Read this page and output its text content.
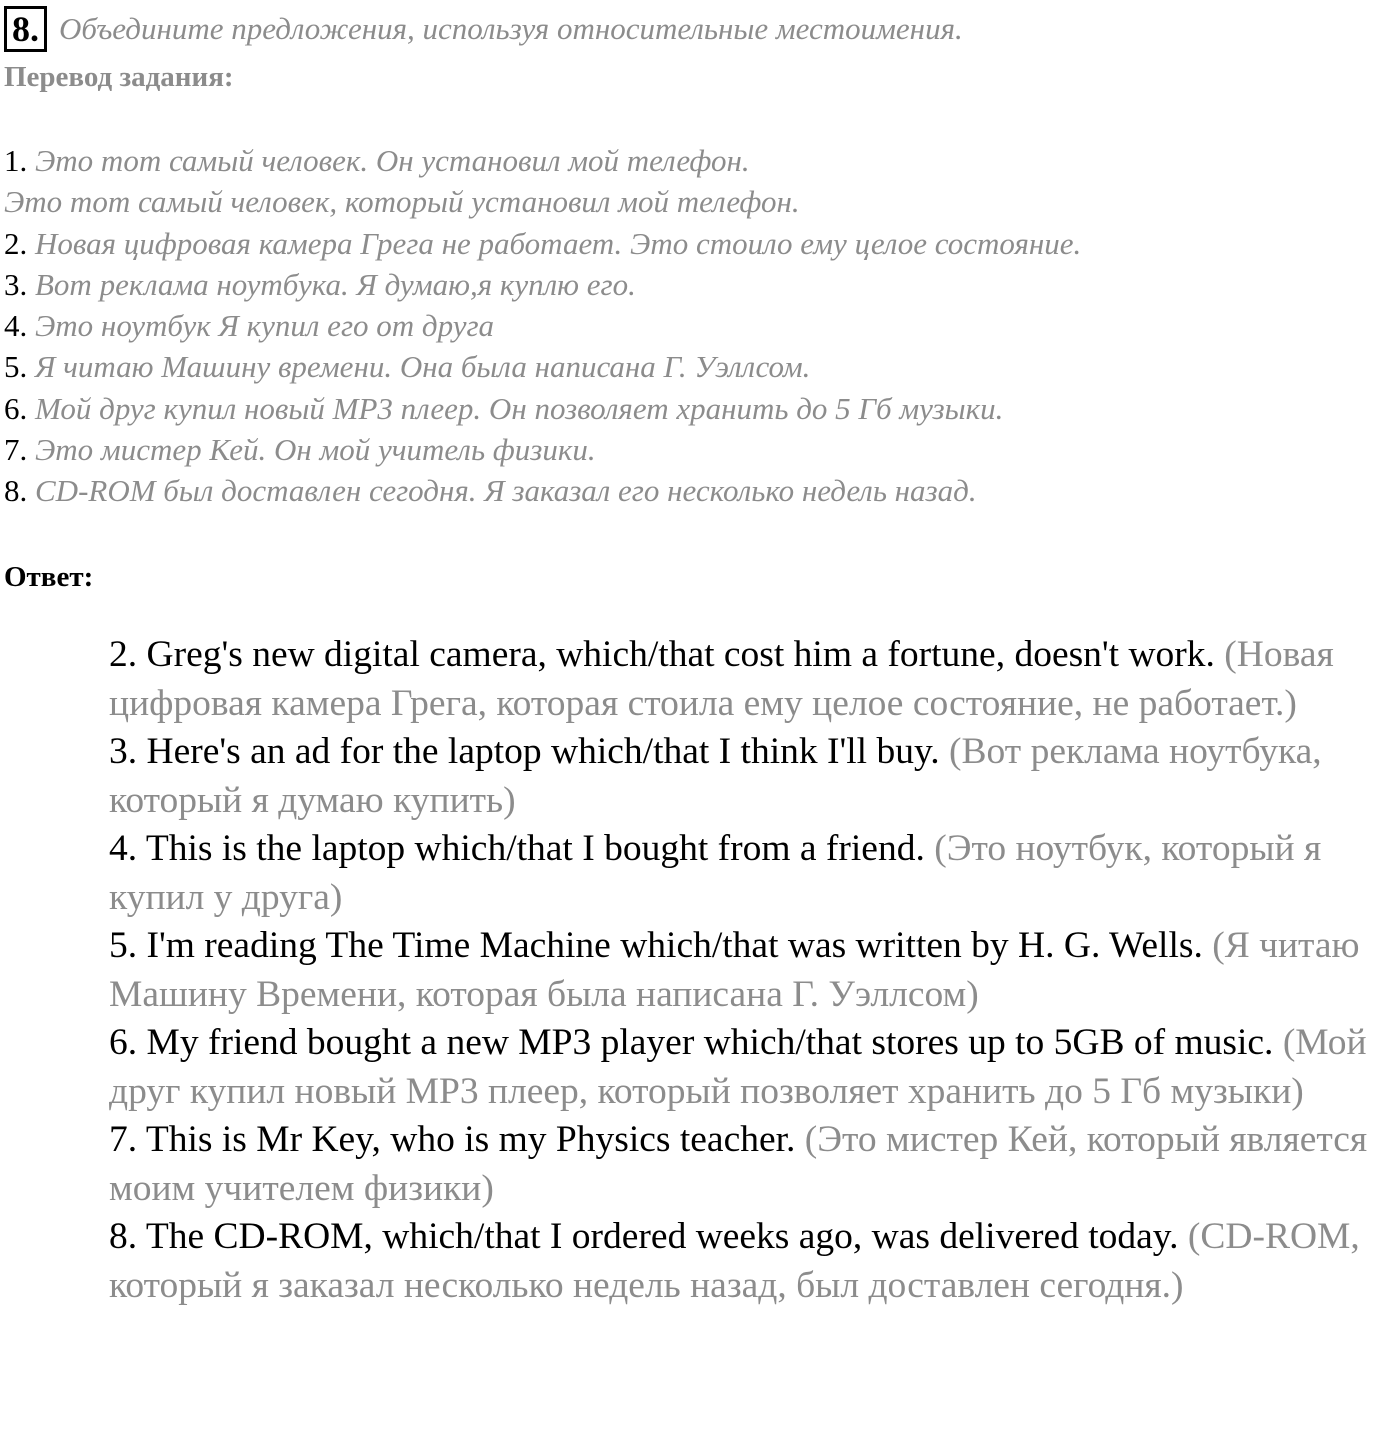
8. Объедините предложения, используя относительные местоимения.
Перевод задания:
1. Это тот самый человек. Он установил мой телефон.
Это тот самый человек, который установил мой телефон.
2. Новая цифровая камера Грега не работает. Это стоило ему целое состояние.
3. Вот реклама ноутбука. Я думаю,я куплю его.
4. Это ноутбук Я купил его от друга
5. Я читаю Машину времени. Она была написана Г. Уэллсом.
6. Мой друг купил новый MP3 плеер. Он позволяет хранить до 5 Гб музыки.
7. Это мистер Кей. Он мой учитель физики.
8. CD-ROM был доставлен сегодня. Я заказал его несколько недель назад.
Ответ:

2. Greg's new digital camera, which/that cost him a fortune, doesn't work. (Новая цифровая камера Грега, которая стоила ему целое состояние, не работает.)

3. Here's an ad for the laptop which/that I think I'll buy. (Вот реклама ноутбука, который я думаю купить)

4. This is the laptop which/that I bought from a friend. (Это ноутбук, который я купил у друга)

5. I'm reading The Time Machine which/that was written by H. G. Wells. (Я читаю Машину Времени, которая была написана Г. Уэллсом)

6. My friend bought a new MP3 player which/that stores up to 5GB of music. (Мой друг купил новый MP3 плеер, который позволяет хранить до 5 Гб музыки)

7. This is Mr Key, who is my Physics teacher. (Это мистер Кей, который является моим учителем физики)

8. The CD-ROM, which/that I ordered weeks ago, was delivered today. (CD-ROM, который я заказал несколько недель назад, был доставлен сегодня.)
